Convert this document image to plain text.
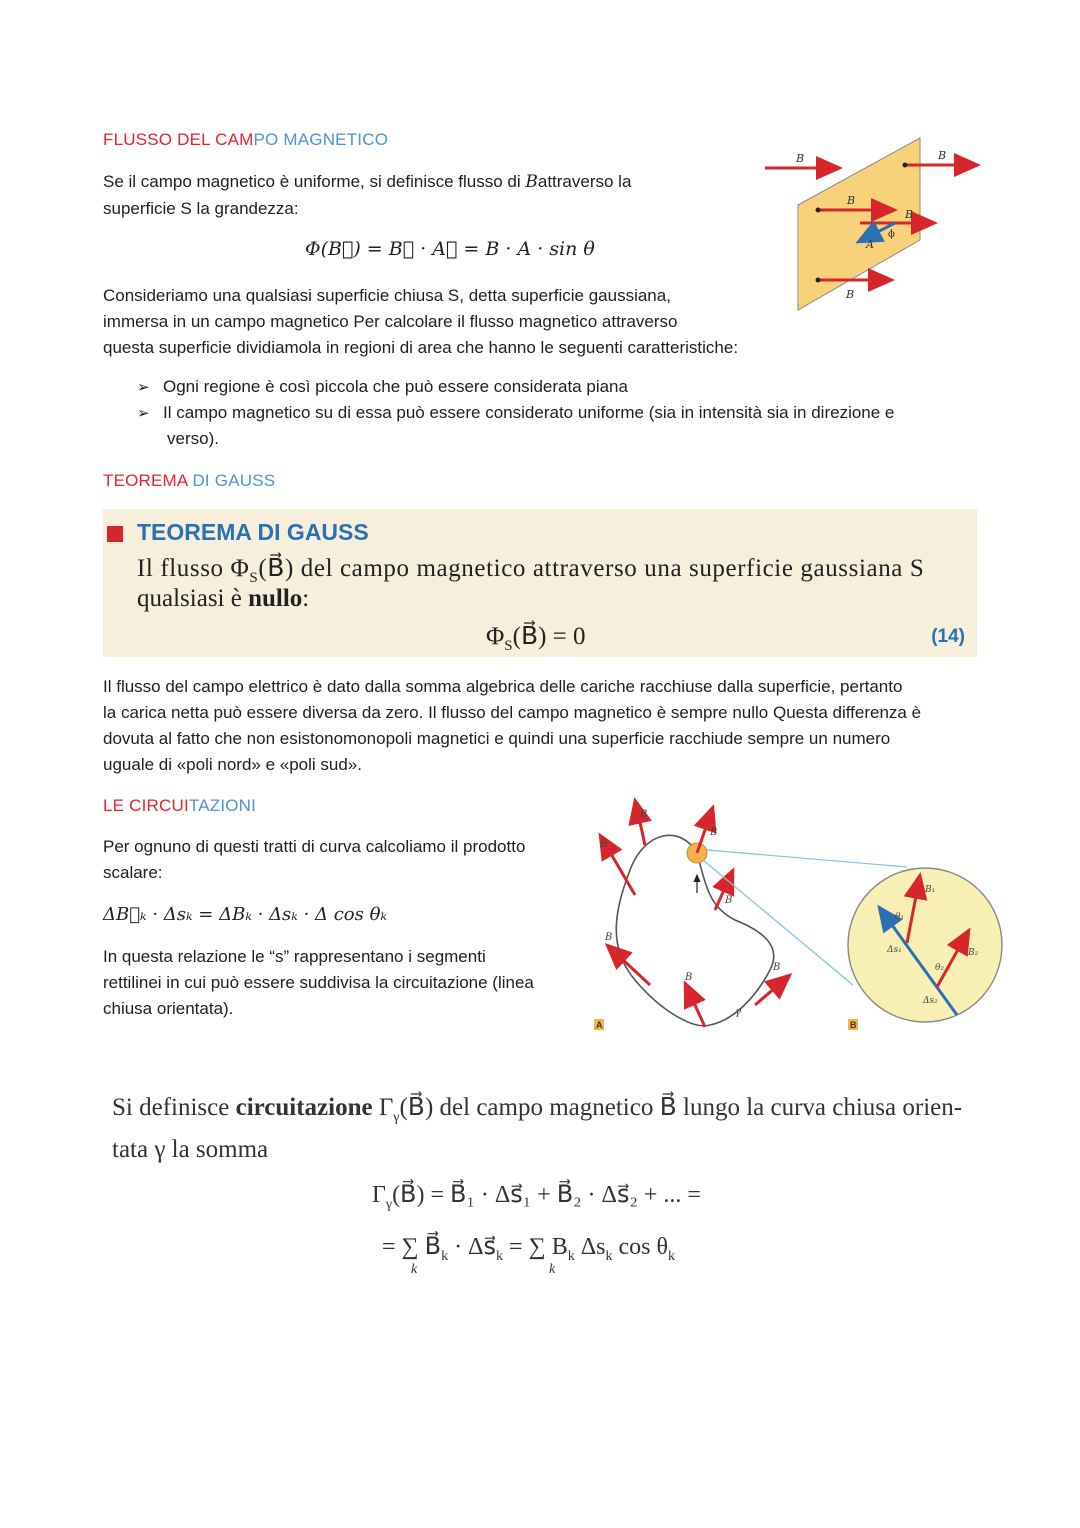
FLUSSO DEL CAMPO MAGNETICO
Se il campo magnetico è uniforme, si definisce flusso di Battraverso la
superficie S la grandezza:
Φ(B⃗) = B⃗ · A⃗ = B · A · sin θ
B	B
B
B
B
A
ϕ
Consideriamo una qualsiasi superficie chiusa S, detta superficie gaussiana,
immersa in un campo magnetico Per calcolare il flusso magnetico attraverso
questa superficie dividiamola in regioni di area che hanno le seguenti caratteristiche:
➢ Ogni regione è così piccola che può essere considerata piana
➢ Il campo magnetico su di essa può essere considerato uniforme (sia in intensità sia in direzione e
verso).
TEOREMA DI GAUSS
TEOREMA DI GAUSS
Il flusso $\Phi_S(B⃗)$ del campo magnetico attraverso una superficie gaussiana S
qualsiasi è nullo:
$\Phi_S(B⃗) = 0$	(14)
Il flusso del campo elettrico è dato dalla somma algebrica delle cariche racchiuse dalla superficie, pertanto
la carica netta può essere diversa da zero. Il flusso del campo magnetico è sempre nullo Questa differenza è
dovuta al fatto che non esistonomonopoli magnetici e quindi una superficie racchiude sempre un numero
uguale di «poli nord» e «poli sud».
LE CIRCUITAZIONI
Per ognuno di questi tratti di curva calcoliamo il prodotto
scalare:
ΔB⃗ₖ · Δsₖ = ΔBₖ · Δsₖ · Δ cos θₖ
In questa relazione le “s” rappresentano i segmenti
rettilinei in cui può essere suddivisa la circuitazione (linea
chiusa orientata).
B
B
B
B
B
B
B
γ
A
B₁
B₂
θ₁
θ₂
Δs₁
Δs₂
B
Si definisce circuitazione $\Gamma_\gamma(B⃗)$ del campo magnetico B⃗ lungo la curva chiusa orien-
tata γ la somma
$\Gamma_\gamma(B⃗)$ = B⃗₁ · Δs⃗₁ + B⃗₂ · Δs⃗₂ + ... =
= ∑ $B⃗_k$ · $\Delta s⃗_k$ = ∑ $B_k$ $\Delta s_k$ $\cos \theta_k$
k	k
